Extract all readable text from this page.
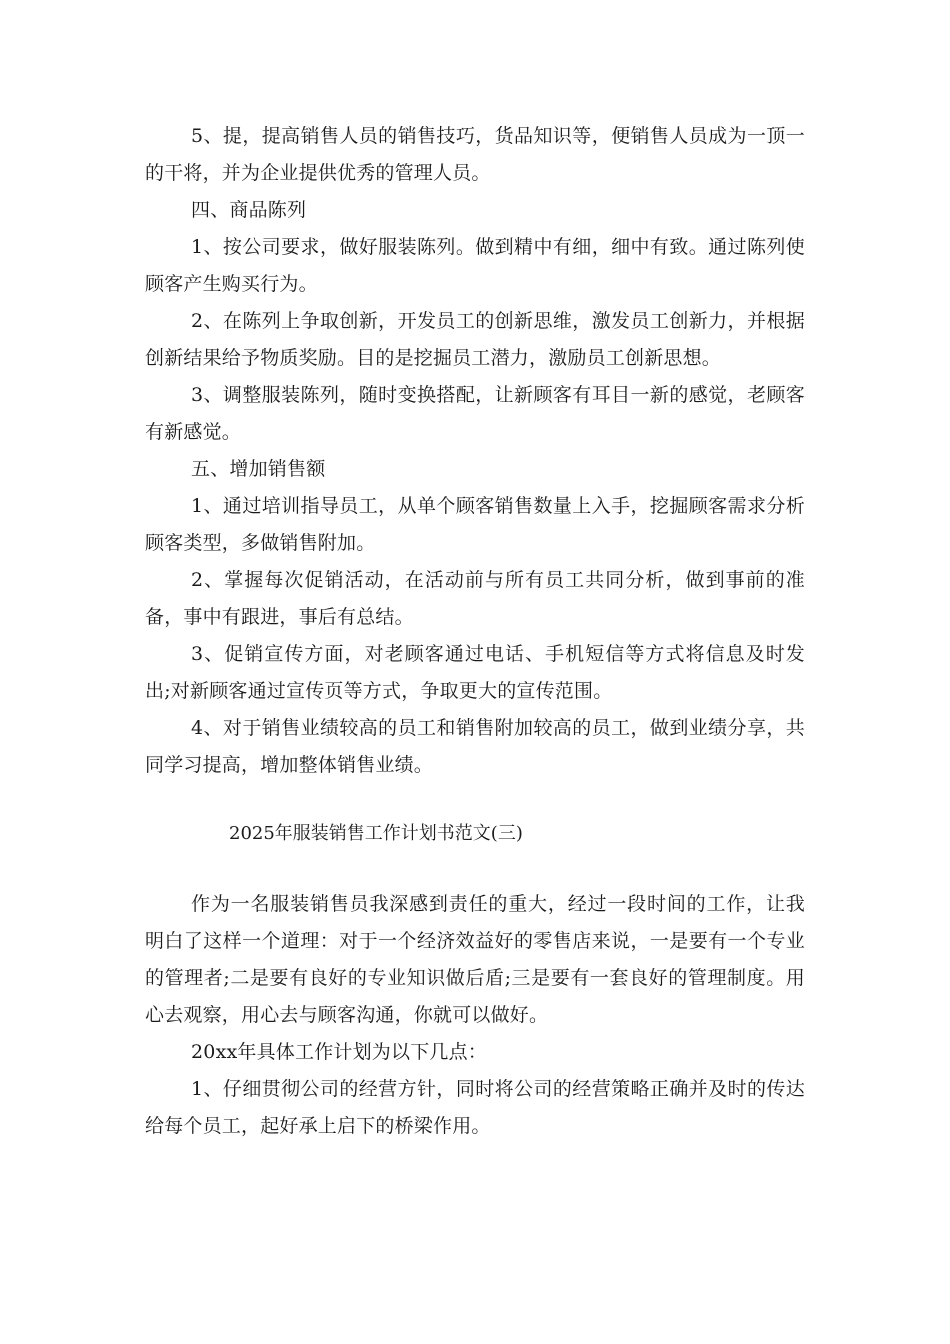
5、提，提高销售人员的销售技巧，货品知识等，便销售人员成为一顶一的干将，并为企业提供优秀的管理人员。

四、商品陈列

1、按公司要求，做好服装陈列。做到精中有细，细中有致。通过陈列使顾客产生购买行为。

2、在陈列上争取创新，开发员工的创新思维，激发员工创新力，并根据创新结果给予物质奖励。目的是挖掘员工潜力，激励员工创新思想。

3、调整服装陈列，随时变换搭配，让新顾客有耳目一新的感觉，老顾客有新感觉。

五、增加销售额

1、通过培训指导员工，从单个顾客销售数量上入手，挖掘顾客需求分析顾客类型，多做销售附加。

2、掌握每次促销活动，在活动前与所有员工共同分析，做到事前的准备，事中有跟进，事后有总结。

3、促销宣传方面，对老顾客通过电话、手机短信等方式将信息及时发出;对新顾客通过宣传页等方式，争取更大的宣传范围。

4、对于销售业绩较高的员工和销售附加较高的员工，做到业绩分享，共同学习提高，增加整体销售业绩。

2025年服装销售工作计划书范文(三)

作为一名服装销售员我深感到责任的重大，经过一段时间的工作，让我明白了这样一个道理：对于一个经济效益好的零售店来说，一是要有一个专业的管理者;二是要有良好的专业知识做后盾;三是要有一套良好的管理制度。用心去观察，用心去与顾客沟通，你就可以做好。

20xx年具体工作计划为以下几点：

1、仔细贯彻公司的经营方针，同时将公司的经营策略正确并及时的传达给每个员工，起好承上启下的桥梁作用。
